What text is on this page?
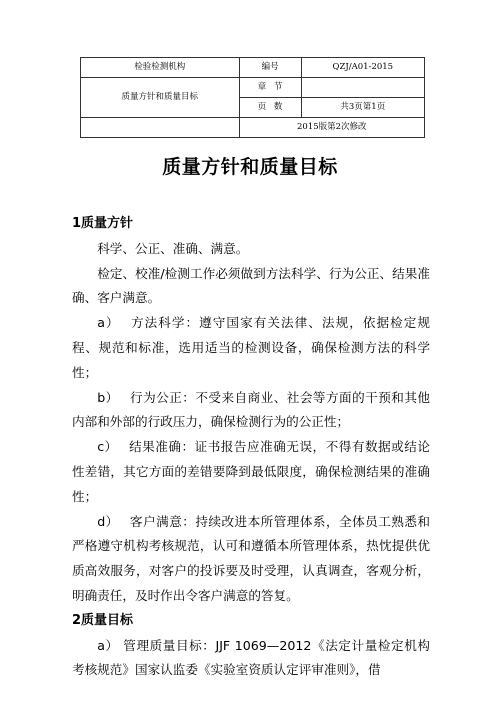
检验检测机构	编号	QZJ/A01-2015
质量方针和质量目标	章节	
	页数	共3页第1页
	2015版第2次修改	
质量方针和质量目标
1质量方针

科学、公正、准确、满意。

检定、校准/检测工作必须做到方法科学、行为公正、结果准确、客户满意。

a） 方法科学：遵守国家有关法律、法规，依据检定规程、规范和标准，选用适当的检测设备，确保检测方法的科学性；

b） 行为公正：不受来自商业、社会等方面的干预和其他内部和外部的行政压力，确保检测行为的公正性；

c） 结果准确：证书报告应准确无误，不得有数据或结论性差错，其它方面的差错要降到最低限度，确保检测结果的准确性；

d） 客户满意：持续改进本所管理体系，全体员工熟悉和严格遵守机构考核规范，认可和遵循本所管理体系，热忱提供优质高效服务，对客户的投诉要及时受理，认真调查，客观分析，明确责任，及时作出令客户满意的答复。

2质量目标

a） 管理质量目标：JJF 1069—2012《法定计量检定机构考核规范》国家认监委《实验室资质认定评审准则》，借
